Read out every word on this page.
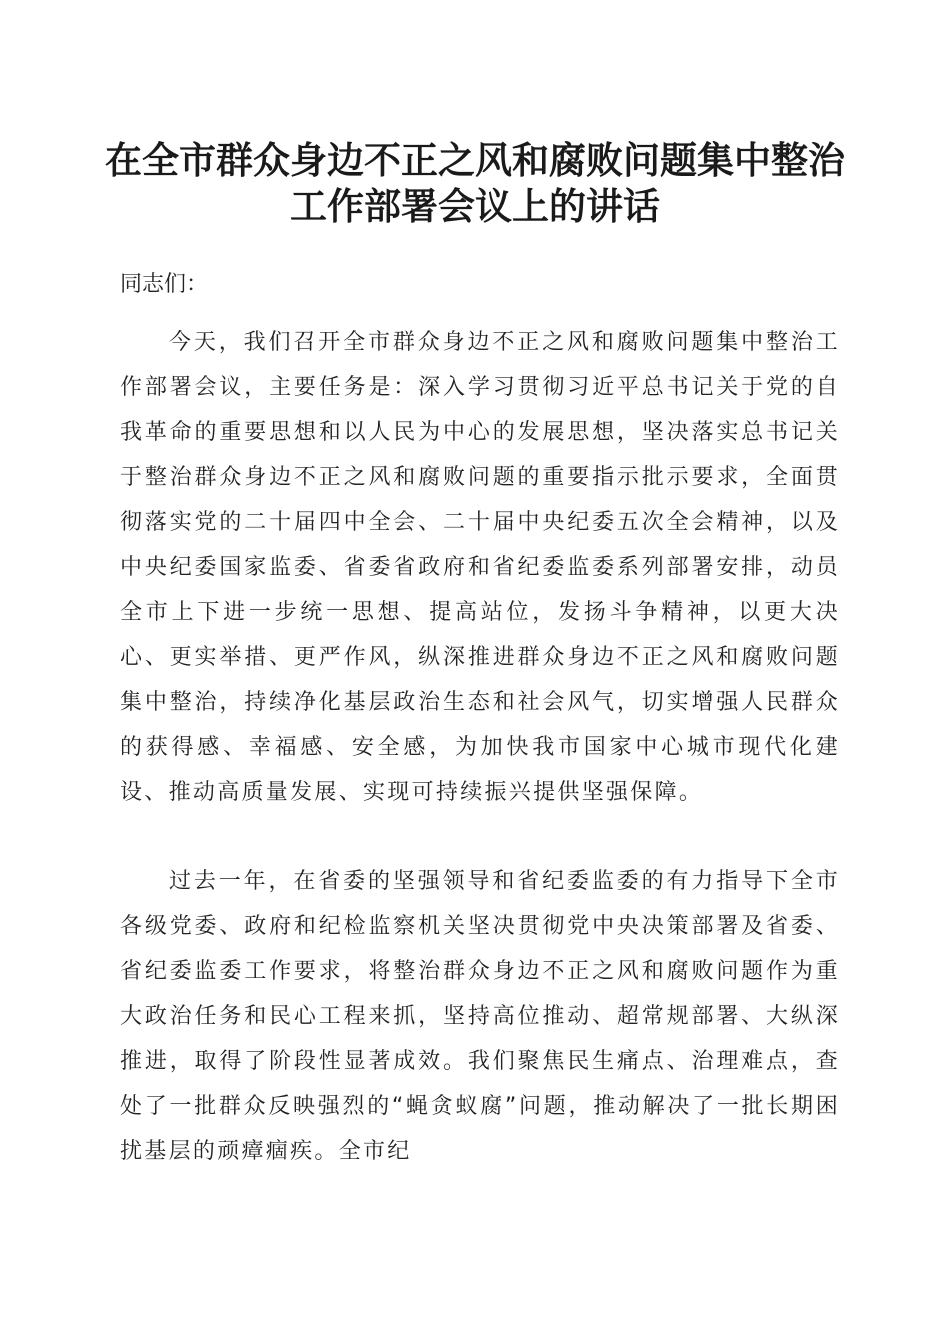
在全市群众身边不正之风和腐败问题集中整治
工作部署会议上的讲话
同志们：
今天，我们召开全市群众身边不正之风和腐败问题集中整治工作部署会议，主要任务是：深入学习贯彻习近平总书记关于党的自我革命的重要思想和以人民为中心的发展思想，坚决落实总书记关于整治群众身边不正之风和腐败问题的重要指示批示要求，全面贯彻落实党的二十届四中全会、二十届中央纪委五次全会精神，以及中央纪委国家监委、省委省政府和省纪委监委系列部署安排，动员全市上下进一步统一思想、提高站位，发扬斗争精神，以更大决心、更实举措、更严作风，纵深推进群众身边不正之风和腐败问题集中整治，持续净化基层政治生态和社会风气，切实增强人民群众的获得感、幸福感、安全感，为加快我市国家中心城市现代化建设、推动高质量发展、实现可持续振兴提供坚强保障。
过去一年，在省委的坚强领导和省纪委监委的有力指导下全市各级党委、政府和纪检监察机关坚决贯彻党中央决策部署及省委、省纪委监委工作要求，将整治群众身边不正之风和腐败问题作为重大政治任务和民心工程来抓，坚持高位推动、超常规部署、大纵深推进，取得了阶段性显著成效。我们聚焦民生痛点、治理难点，查处了一批群众反映强烈的“蝇贪蚁腐”问题，推动解决了一批长期困扰基层的顽瘴痼疾。全市纪
